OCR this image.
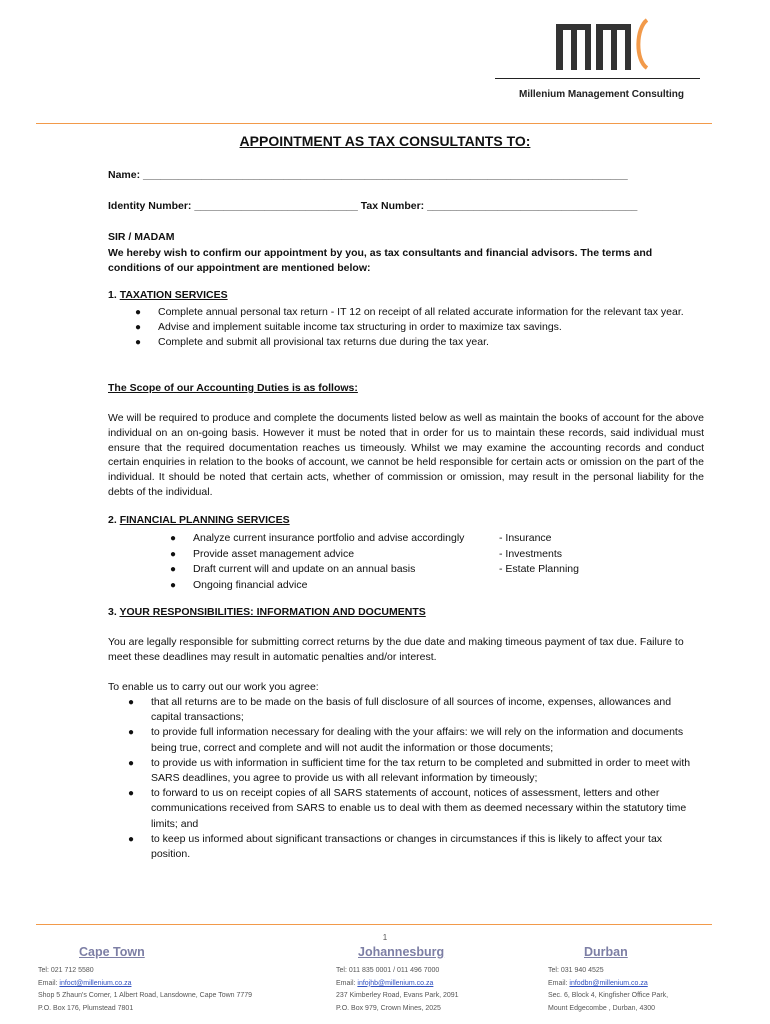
Millenium Management Consulting
APPOINTMENT AS TAX CONSULTANTS TO:
Name: ___________________________________________________________________________________
Identity Number: ____________________________ Tax Number: ____________________________________
SIR / MADAM
We hereby wish to confirm our appointment by you, as tax consultants and financial advisors. The terms and conditions of our appointment are mentioned below:
1. TAXATION SERVICES
● Complete annual personal tax return - IT 12 on receipt of all related accurate information for the relevant tax year.
● Advise and implement suitable income tax structuring in order to maximize tax savings.
● Complete and submit all provisional tax returns due during the tax year.
The Scope of our Accounting Duties is as follows:
We will be required to produce and complete the documents listed below as well as maintain the books of account for the above individual on an on-going basis. However it must be noted that in order for us to maintain these records, said individual must ensure that the required documentation reaches us timeously. Whilst we may examine the accounting records and conduct certain enquiries in relation to the books of account, we cannot be held responsible for certain acts or omission on the part of the individual. It should be noted that certain acts, whether of commission or omission, may result in the personal liability for the debts of the individual.
2. FINANCIAL PLANNING SERVICES
● Analyze current insurance portfolio and advise accordingly
● Provide asset management advice
● Draft current will and update on an annual basis
● Ongoing financial advice
- Insurance
- Investments
- Estate Planning
3. YOUR RESPONSIBILITIES: INFORMATION AND DOCUMENTS
You are legally responsible for submitting correct returns by the due date and making timeous payment of tax due. Failure to meet these deadlines may result in automatic penalties and/or interest.
To enable us to carry out our work you agree:
● that all returns are to be made on the basis of full disclosure of all sources of income, expenses, allowances and capital transactions;
● to provide full information necessary for dealing with the your affairs: we will rely on the information and documents being true, correct and complete and will not audit the information or those documents;
● to provide us with information in sufficient time for the tax return to be completed and submitted in order to meet with SARS deadlines, you agree to provide us with all relevant information by timeously;
● to forward to us on receipt copies of all SARS statements of account, notices of assessment, letters and other communications received from SARS to enable us to deal with them as deemed necessary within the statutory time limits; and
● to keep us informed about significant transactions or changes in circumstances if this is likely to affect your tax position.
1
Cape Town
Tel: 021 712 5580
Email: infoct@millenium.co.za
Shop 5 Zhaun's Corner, 1 Albert Road, Lansdowne, Cape Town 7779
P.O. Box 176, Plumstead 7801
Johannesburg
Tel: 011 835 0001 / 011 496 7000
Email: infojhb@millenium.co.za
237 Kimberley Road, Evans Park, 2091
P.O. Box 979, Crown Mines, 2025
Durban
Tel: 031 940 4525
Email: infodbn@millenium.co.za
Sec. 6, Block 4, Kingfisher Office Park,
Mount Edgecombe , Durban, 4300
